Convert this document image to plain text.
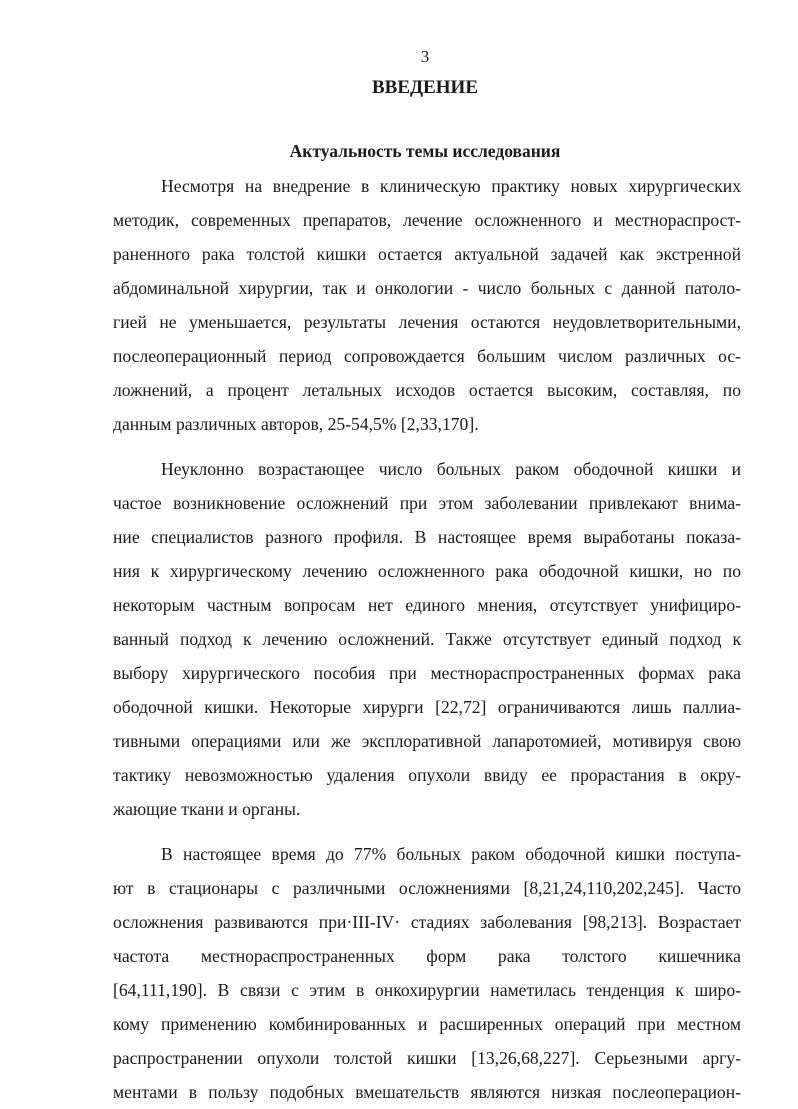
3
ВВЕДЕНИЕ
Актуальность темы исследования
Несмотря на внедрение в клиническую практику новых хирургических
методик, современных препаратов, лечение осложненного и местнораспрост-
раненного рака толстой кишки остается актуальной задачей как экстренной
абдоминальной хирургии, так и онкологии - число больных с данной патоло-
гией не уменьшается, результаты лечения остаются неудовлетворительными,
послеоперационный период сопровождается большим числом различных ос-
ложнений, а процент летальных исходов остается высоким, составляя, по
данным различных авторов, 25-54,5% [2,33,170].
Неуклонно возрастающее число больных раком ободочной кишки и
частое возникновение осложнений при этом заболевании привлекают внима-
ние специалистов разного профиля. В настоящее время выработаны показа-
ния к хирургическому лечению осложненного рака ободочной кишки, но по
некоторым частным вопросам нет единого мнения, отсутствует унифициро-
ванный подход к лечению осложнений. Также отсутствует единый подход к
выбору хирургического пособия при местнораспространенных формах рака
ободочной кишки. Некоторые хирурги [22,72] ограничиваются лишь паллиа-
тивными операциями или же эксплоративной лапаротомией, мотивируя свою
тактику невозможностью удаления опухоли ввиду ее прорастания в окру-
жающие ткани и органы.
В настоящее время до 77% больных раком ободочной кишки поступа-
ют в стационары с различными осложнениями [8,21,24,110,202,245]. Часто
осложнения развиваются при·III-IV· стадиях заболевания [98,213]. Возрастает
частота местнораспространенных форм рака толстого кишечника
[64,111,190]. В связи с этим в онкохирургии наметилась тенденция к широ-
кому применению комбинированных и расширенных операций при местном
распространении опухоли толстой кишки [13,26,68,227]. Серьезными аргу-
ментами в пользу подобных вмешательств являются низкая послеоперацион-
